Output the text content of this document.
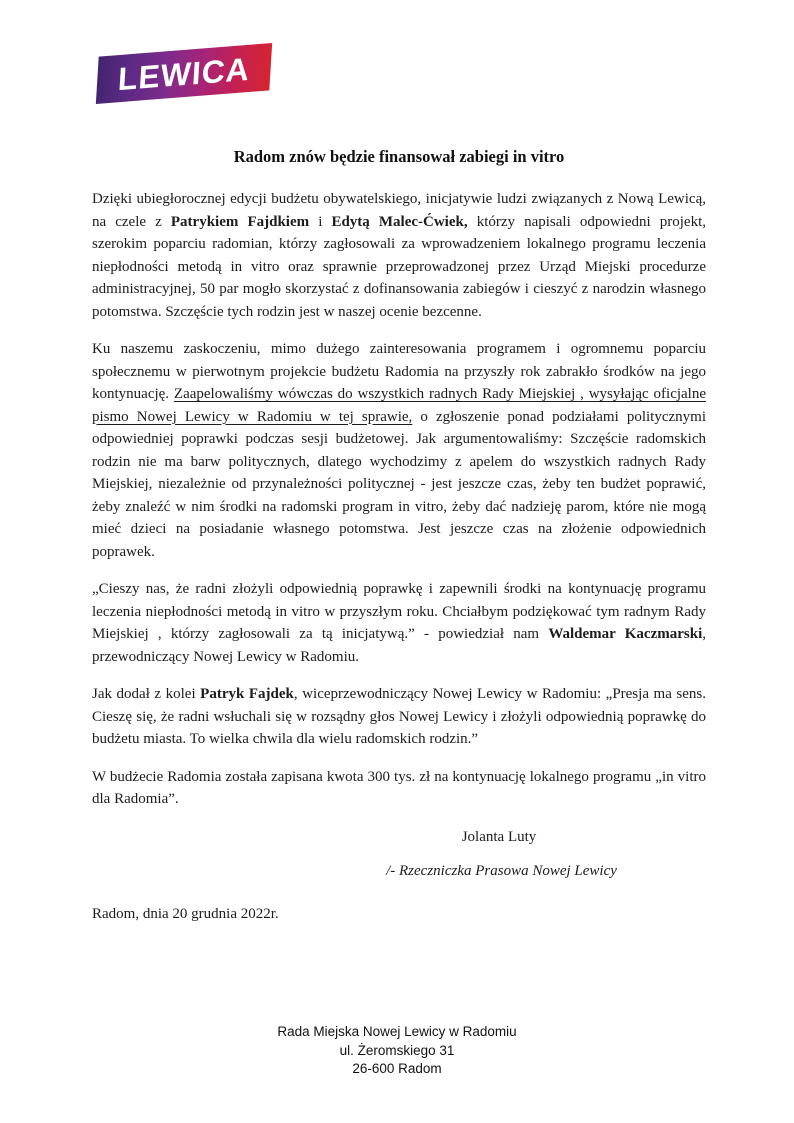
LEWICA
Radom znów będzie finansował zabiegi in vitro

Dzięki ubiegłorocznej edycji budżetu obywatelskiego, inicjatywie ludzi związanych z Nową Lewicą, na czele z Patrykiem Fajdkiem i Edytą Malec-Ćwiek, którzy napisali odpowiedni projekt, szerokim poparciu radomian, którzy zagłosowali za wprowadzeniem lokalnego programu leczenia niepłodności metodą in vitro oraz sprawnie przeprowadzonej przez Urząd Miejski procedurze administracyjnej, 50 par mogło skorzystać z dofinansowania zabiegów i cieszyć z narodzin własnego potomstwa. Szczęście tych rodzin jest w naszej ocenie bezcenne.

Ku naszemu zaskoczeniu, mimo dużego zainteresowania programem i ogromnemu poparciu społecznemu w pierwotnym projekcie budżetu Radomia na przyszły rok zabrakło środków na jego kontynuację. Zaapelowaliśmy wówczas do wszystkich radnych Rady Miejskiej , wysyłając oficjalne pismo Nowej Lewicy w Radomiu w tej sprawie, o zgłoszenie ponad podziałami politycznymi odpowiedniej poprawki podczas sesji budżetowej. Jak argumentowaliśmy: Szczęście radomskich rodzin nie ma barw politycznych, dlatego wychodzimy z apelem do wszystkich radnych Rady Miejskiej, niezależnie od przynależności politycznej - jest jeszcze czas, żeby ten budżet poprawić, żeby znaleźć w nim środki na radomski program in vitro, żeby dać nadzieję parom, które nie mogą mieć dzieci na posiadanie własnego potomstwa. Jest jeszcze czas na złożenie odpowiednich poprawek.

„Cieszy nas, że radni złożyli odpowiednią poprawkę i zapewnili środki na kontynuację programu leczenia niepłodności metodą in vitro w przyszłym roku. Chciałbym podziękować tym radnym Rady Miejskiej , którzy zagłosowali za tą inicjatywą.” - powiedział nam Waldemar Kaczmarski, przewodniczący Nowej Lewicy w Radomiu.

Jak dodał z kolei Patryk Fajdek, wiceprzewodniczący Nowej Lewicy w Radomiu: „Presja ma sens. Cieszę się, że radni wsłuchali się w rozsądny głos Nowej Lewicy i złożyli odpowiednią poprawkę do budżetu miasta. To wielka chwila dla wielu radomskich rodzin.”

W budżecie Radomia została zapisana kwota 300 tys. zł na kontynuację lokalnego programu „in vitro dla Radomia”.

Jolanta Luty
/- Rzeczniczka Prasowa Nowej Lewicy
Radom, dnia 20 grudnia 2022r.
Rada Miejska Nowej Lewicy w Radomiu
ul. Żeromskiego 31
26-600 Radom
